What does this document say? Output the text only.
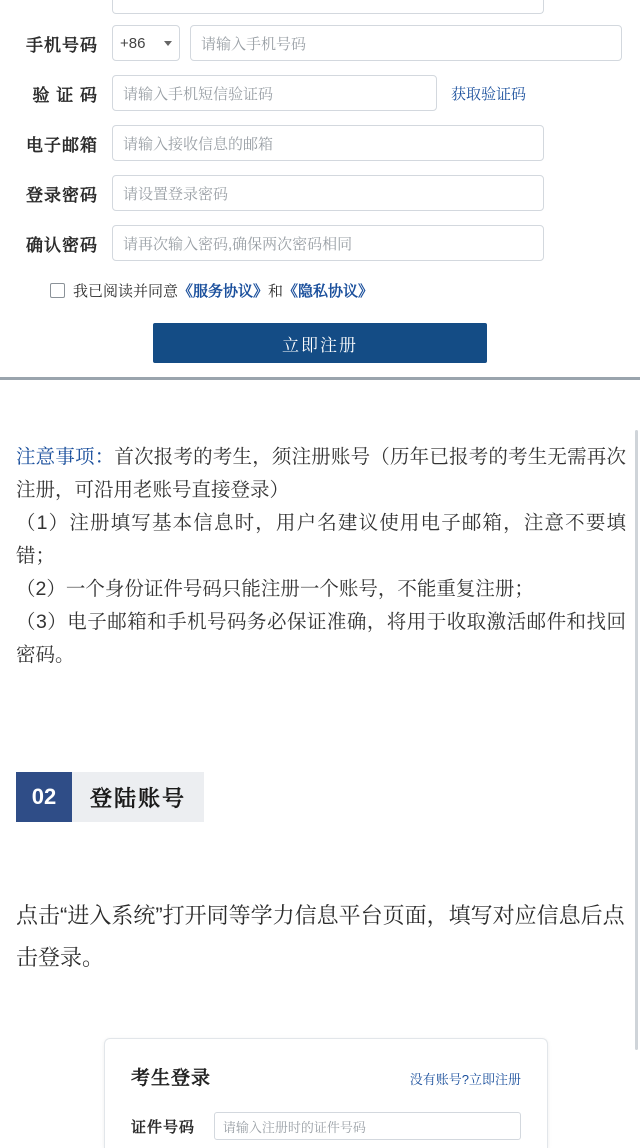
手机号码	+86	请输入手机号码
验 证 码	请输入手机短信验证码	获取验证码
电子邮箱	请输入接收信息的邮箱
登录密码	请设置登录密码
确认密码	请再次输入密码,确保两次密码相同
我已阅读并同意 《服务协议》 和 《隐私协议》
立即注册

注意事项：首次报考的考生，须注册账号（历年已报考的考生无需再次注册，可沿用老账号直接登录）

（1）注册填写基本信息时，用户名建议使用电子邮箱，注意不要填错；

（2）一个身份证件号码只能注册一个账号，不能重复注册；

（3）电子邮箱和手机号码务必保证准确，将用于收取激活邮件和找回密码。

02	登陆账号
点击“进入系统”打开同等学力信息平台页面，填写对应信息后点击登录。
考生登录	没有账号?立即注册
证件号码	请输入注册时的证件号码
